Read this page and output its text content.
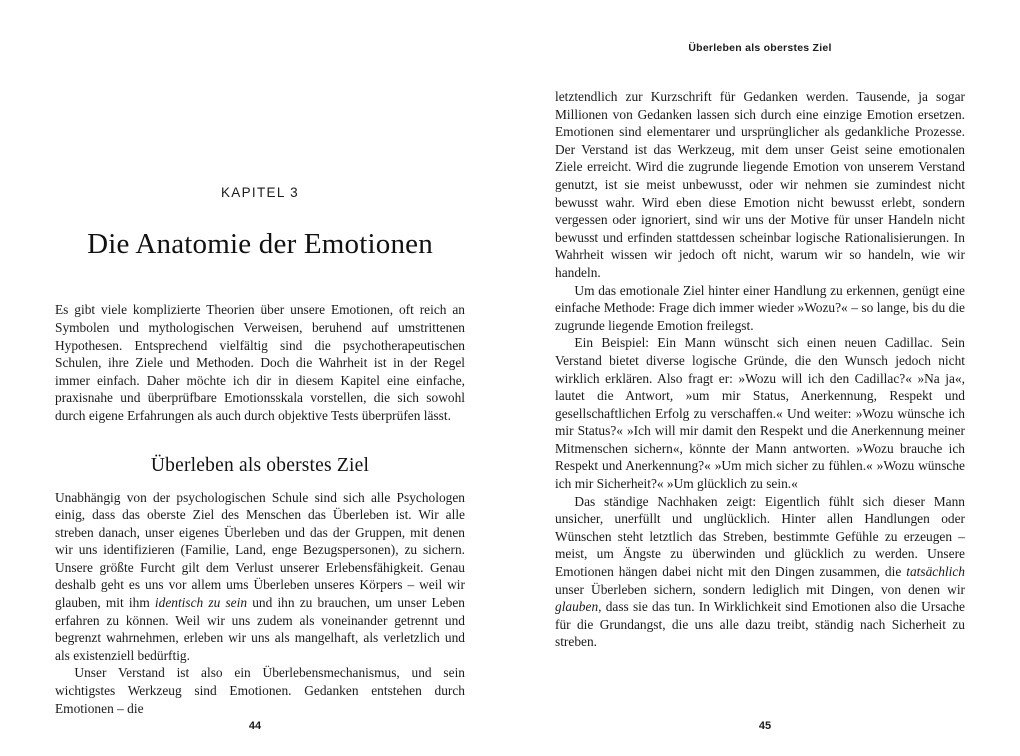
KAPITEL 3
Die Anatomie der Emotionen

Es gibt viele komplizierte Theorien über unsere Emotionen, oft reich an Symbolen und mythologischen Verweisen, beruhend auf umstrittenen Hypothesen. Entsprechend vielfältig sind die psychotherapeutischen Schulen, ihre Ziele und Methoden. Doch die Wahrheit ist in der Regel immer einfach. Daher möchte ich dir in diesem Kapitel eine einfache, praxisnahe und überprüfbare Emotionsskala vorstellen, die sich sowohl durch eigene Erfahrungen als auch durch objektive Tests überprüfen lässt.

Überleben als oberstes Ziel

Unabhängig von der psychologischen Schule sind sich alle Psychologen einig, dass das oberste Ziel des Menschen das Überleben ist. Wir alle streben danach, unser eigenes Überleben und das der Gruppen, mit denen wir uns identifizieren (Familie, Land, enge Bezugspersonen), zu sichern. Unsere größte Furcht gilt dem Verlust unserer Erlebensfähigkeit. Genau deshalb geht es uns vor allem ums Überleben unseres Körpers – weil wir glauben, mit ihm identisch zu sein und ihn zu brauchen, um unser Leben erfahren zu können. Weil wir uns zudem als voneinander getrennt und begrenzt wahrnehmen, erleben wir uns als mangelhaft, als verletzlich und als existenziell bedürftig.

Unser Verstand ist also ein Überlebensmechanismus, und sein wichtigstes Werkzeug sind Emotionen. Gedanken entstehen durch Emotionen – die

44
Überleben als oberstes Ziel

letztendlich zur Kurzschrift für Gedanken werden. Tausende, ja sogar Millionen von Gedanken lassen sich durch eine einzige Emotion ersetzen. Emotionen sind elementarer und ursprünglicher als gedankliche Prozesse. Der Verstand ist das Werkzeug, mit dem unser Geist seine emotionalen Ziele erreicht. Wird die zugrunde liegende Emotion von unserem Verstand genutzt, ist sie meist unbewusst, oder wir nehmen sie zumindest nicht bewusst wahr. Wird eben diese Emotion nicht bewusst erlebt, sondern vergessen oder ignoriert, sind wir uns der Motive für unser Handeln nicht bewusst und erfinden stattdessen scheinbar logische Rationalisierungen. In Wahrheit wissen wir jedoch oft nicht, warum wir so handeln, wie wir handeln.

Um das emotionale Ziel hinter einer Handlung zu erkennen, genügt eine einfache Methode: Frage dich immer wieder »Wozu?« – so lange, bis du die zugrunde liegende Emotion freilegst.

Ein Beispiel: Ein Mann wünscht sich einen neuen Cadillac. Sein Verstand bietet diverse logische Gründe, die den Wunsch jedoch nicht wirklich erklären. Also fragt er: »Wozu will ich den Cadillac?« »Na ja«, lautet die Antwort, »um mir Status, Anerkennung, Respekt und gesellschaftlichen Erfolg zu verschaffen.« Und weiter: »Wozu wünsche ich mir Status?« »Ich will mir damit den Respekt und die Anerkennung meiner Mitmenschen sichern«, könnte der Mann antworten. »Wozu brauche ich Respekt und Anerkennung?« »Um mich sicher zu fühlen.« »Wozu wünsche ich mir Sicherheit?« »Um glücklich zu sein.«

Das ständige Nachhaken zeigt: Eigentlich fühlt sich dieser Mann unsicher, unerfüllt und unglücklich. Hinter allen Handlungen oder Wünschen steht letztlich das Streben, bestimmte Gefühle zu erzeugen – meist, um Ängste zu überwinden und glücklich zu werden. Unsere Emotionen hängen dabei nicht mit den Dingen zusammen, die tatsächlich unser Überleben sichern, sondern lediglich mit Dingen, von denen wir glauben, dass sie das tun. In Wirklichkeit sind Emotionen also die Ursache für die Grundangst, die uns alle dazu treibt, ständig nach Sicherheit zu streben.

45
